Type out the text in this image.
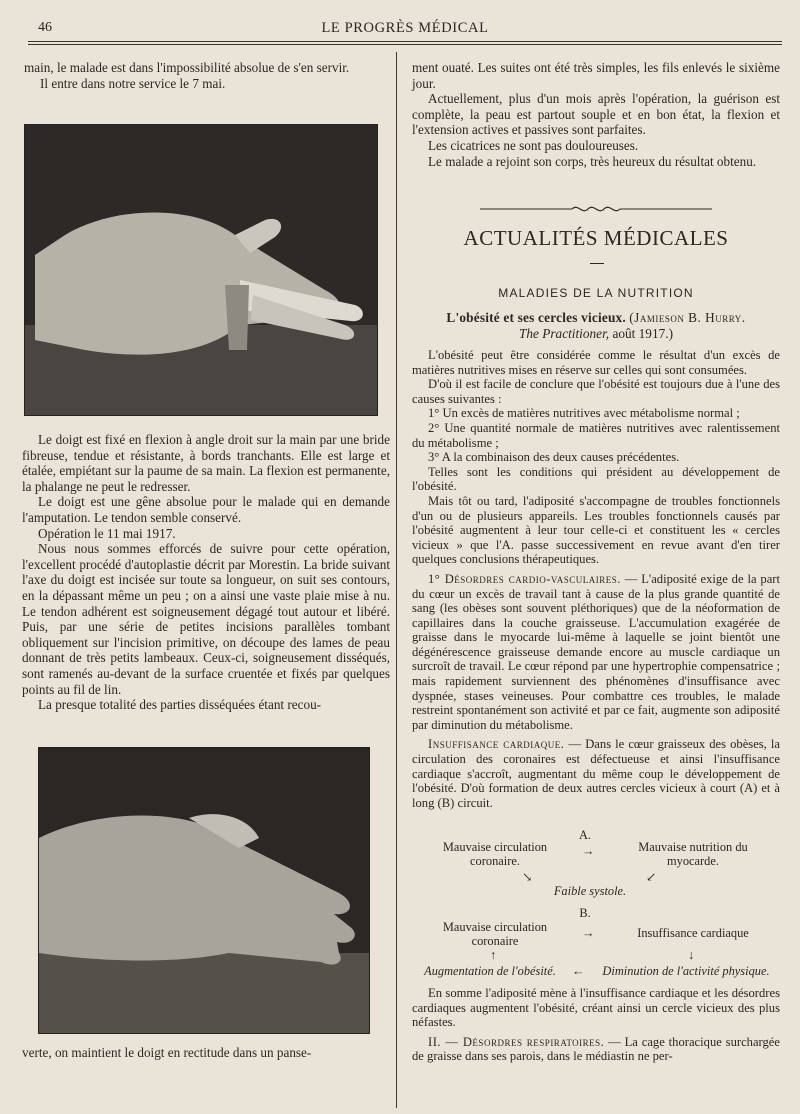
46	LE PROGRÈS MÉDICAL

main, le malade est dans l'impossibilité absolue de s'en servir.

Il entre dans notre service le 7 mai.

Le doigt est fixé en flexion à angle droit sur la main par une bride fibreuse, tendue et résistante, à bords tranchants. Elle est large et étalée, empiétant sur la paume de sa main. La flexion est permanente, la phalange ne peut le redresser.

Le doigt est une gêne absolue pour le malade qui en demande l'amputation. Le tendon semble conservé.

Opération le 11 mai 1917.

Nous nous sommes efforcés de suivre pour cette opération, l'excellent procédé d'autoplastie décrit par Morestin. La bride suivant l'axe du doigt est incisée sur toute sa longueur, on suit ses contours, en la dépassant même un peu ; on a ainsi une vaste plaie mise à nu. Le tendon adhérent est soigneusement dégagé tout autour et libéré. Puis, par une série de petites incisions parallèles tombant obliquement sur l'incision primitive, on découpe des lames de peau donnant de très petits lambeaux. Ceux-ci, soigneusement disséqués, sont ramenés au-devant de la surface cruentée et fixés par quelques points au fil de lin.

La presque totalité des parties disséquées étant recou-

verte, on maintient le doigt en rectitude dans un panse-

ment ouaté. Les suites ont été très simples, les fils enlevés le sixième jour.

Actuellement, plus d'un mois après l'opération, la guérison est complète, la peau est partout souple et en bon état, la flexion et l'extension actives et passives sont parfaites.

Les cicatrices ne sont pas douloureuses.

Le malade a rejoint son corps, très heureux du résultat obtenu.

ACTUALITÉS MÉDICALES
MALADIES DE LA NUTRITION
L'obésité et ses cercles vicieux. (Jamieson B. Hurry.
The Practitioner, août 1917.)

L'obésité peut être considérée comme le résultat d'un excès de matières nutritives mises en réserve sur celles qui sont consumées.

D'où il est facile de conclure que l'obésité est toujours due à l'une des causes suivantes :

1° Un excès de matières nutritives avec métabolisme normal ;

2° Une quantité normale de matières nutritives avec ralentissement du métabolisme ;

3° A la combinaison des deux causes précédentes.

Telles sont les conditions qui président au développement de l'obésité.

Mais tôt ou tard, l'adiposité s'accompagne de troubles fonctionnels d'un ou de plusieurs appareils. Les troubles fonctionnels causés par l'obésité augmentent à leur tour celle-ci et constituent les « cercles vicieux » que l'A. passe successivement en revue avant d'en tirer quelques conclusions thérapeutiques.

1° Désordres cardio-vasculaires. — L'adiposité exige de la part du cœur un excès de travail tant à cause de la plus grande quantité de sang (les obèses sont souvent pléthoriques) que de la néoformation de capillaires dans la couche graisseuse. L'accumulation exagérée de graisse dans le myocarde lui-même à laquelle se joint bientôt une dégénérescence graisseuse demande encore au muscle cardiaque un surcroît de travail. Le cœur répond par une hypertrophie compensatrice ; mais rapidement surviennent des phénomènes d'insuffisance avec dyspnée, stases veineuses. Pour combattre ces troubles, le malade restreint spontanément son activité et par ce fait, augmente son adiposité par diminution du métabolisme.

Insuffisance cardiaque. — Dans le cœur graisseux des obèses, la circulation des coronaires est défectueuse et ainsi l'insuffisance cardiaque s'accroît, augmentant du même coup le développement de l'obésité. D'où formation de deux autres cercles vicieux à court (A) et à long (B) circuit.

A.
Mauvaise circulation
coronaire.
→	Mauvaise nutrition du
myocarde.
↘	↙
Faible systole.
B.
Mauvaise circulation
coronaire
→	Insuffisance cardiaque
↑	↓
Augmentation de l'obésité.	←	Diminution de l'activité physique.

En somme l'adiposité mène à l'insuffisance cardiaque et les désordres cardiaques augmentent l'obésité, créant ainsi un cercle vicieux des plus néfastes.

II. — Désordres respiratoires. — La cage thoracique surchargée de graisse dans ses parois, dans le médiastin ne per-
